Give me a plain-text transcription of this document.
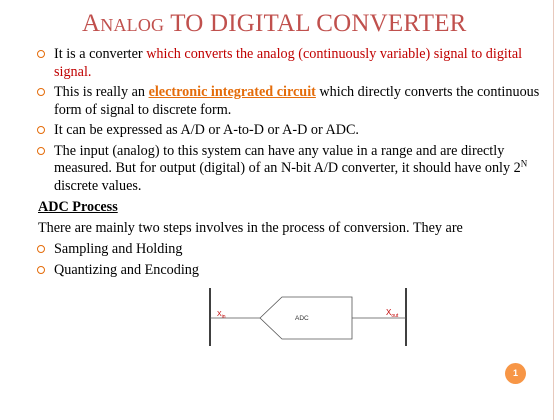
Analog TO DIGITAL CONVERTER
It is a converter which converts the analog (continuously variable) signal to digital signal.
This is really an electronic integrated circuit which directly converts the continuous form of signal to discrete form.
It can be expressed as A/D or A-to-D or A-D or ADC.
The input (analog) to this system can have any value in a range and are directly measured. But for output (digital) of an N-bit A/D converter, it should have only $2^N$ discrete values.
ADC Process
There are mainly two steps involves in the process of conversion. They are
Sampling and Holding
Quantizing and Encoding
$X_{in}$	ADC
$X_{out}$
1
